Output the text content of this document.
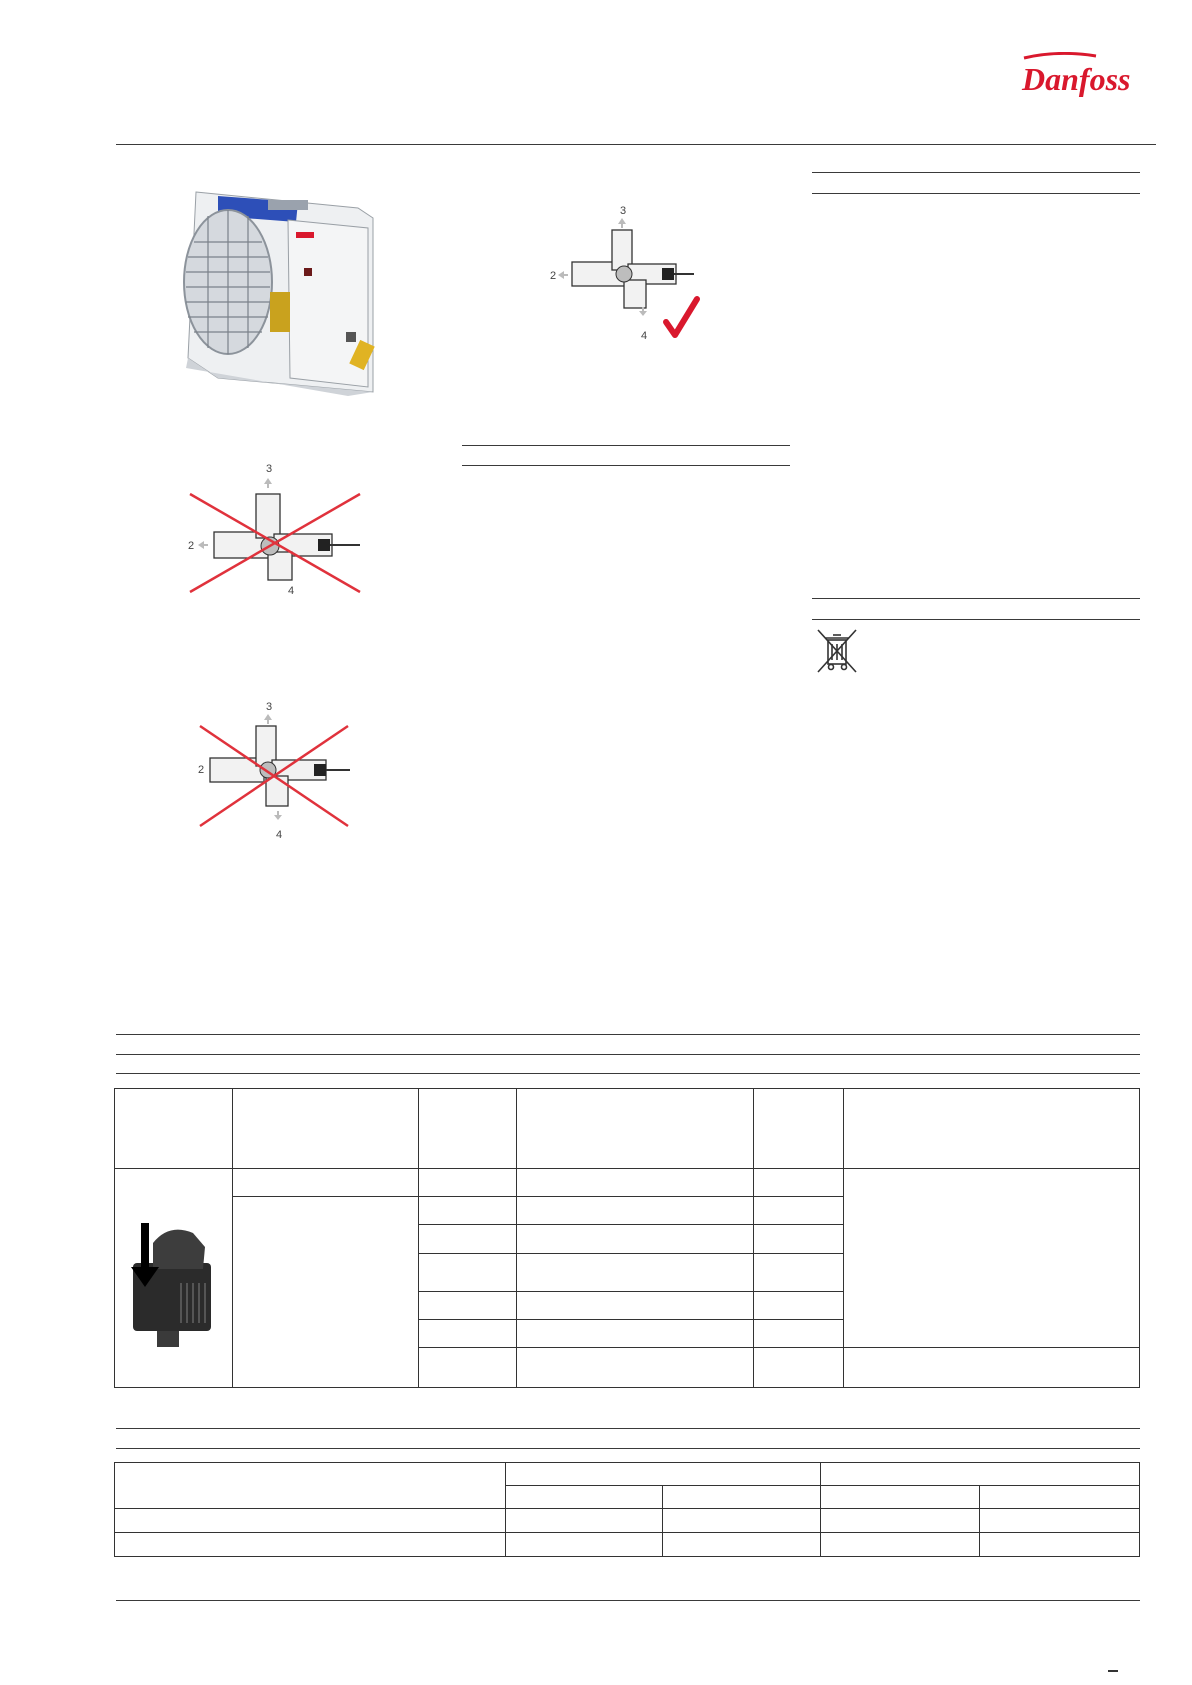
Danfoss
3
2
4
3
2
4
3
2
4
